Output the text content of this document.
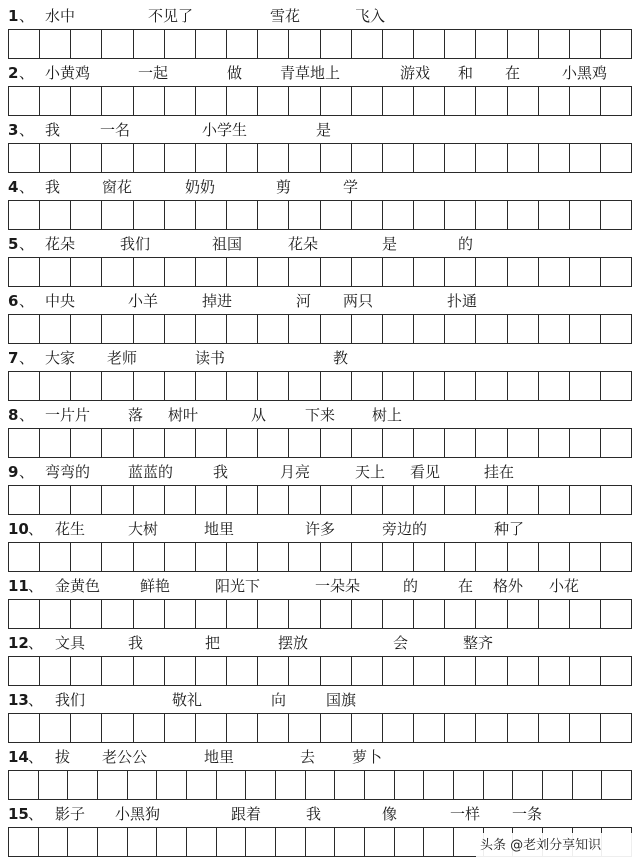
1 、 水中	不见了	雪花	飞入
2 、 小黄鸡	一起	做	青草地上	游戏 和 在	小黑鸡
3 、 我	一名	小学生	是
4 、 我	窗花	奶奶	剪	学
5 、 花朵	我们	祖国	花朵	是	的
6 、 中央	小羊	掉进	河 两只	扑通
7 、 大家 老师	读书	教
8 、 一片片	落 树叶	从	下来 树上
9 、 弯弯的	蓝蓝的	我	月亮	天上 看见	挂在
10 、 花生	大树	地里	许多	旁边的	种了
11 、 金黄色	鲜艳	阳光下	一朵朵	的	在 格外 小花
12 、 文具	我	把	摆放	会	整齐
13 、 我们	敬礼	向	国旗
14 、 拔 老公公	地里	去 萝卜
15 、 影子 小黑狗	跟着	我	像	一样 一条
头条 @老刘分享知识
